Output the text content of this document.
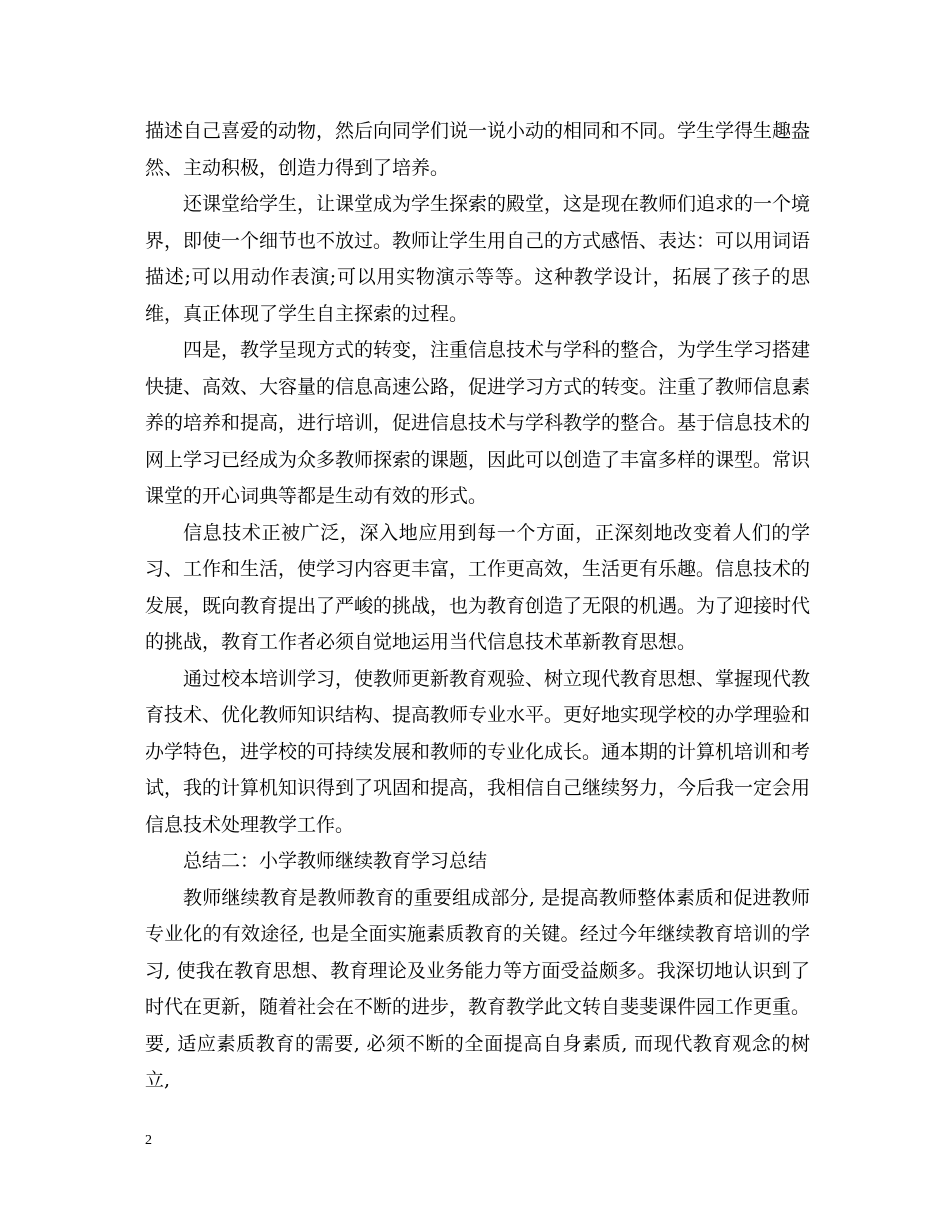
描述自己喜爱的动物，然后向同学们说一说小动的相同和不同。学生学得生趣盎然、主动积极，创造力得到了培养。

还课堂给学生，让课堂成为学生探索的殿堂，这是现在教师们追求的一个境界，即使一个细节也不放过。教师让学生用自己的方式感悟、表达：可以用词语描述;可以用动作表演;可以用实物演示等等。这种教学设计，拓展了孩子的思维，真正体现了学生自主探索的过程。

四是，教学呈现方式的转变，注重信息技术与学科的整合，为学生学习搭建快捷、高效、大容量的信息高速公路，促进学习方式的转变。注重了教师信息素养的培养和提高，进行培训，促进信息技术与学科教学的整合。基于信息技术的网上学习已经成为众多教师探索的课题，因此可以创造了丰富多样的课型。常识课堂的开心词典等都是生动有效的形式。

信息技术正被广泛，深入地应用到每一个方面，正深刻地改变着人们的学习、工作和生活，使学习内容更丰富，工作更高效，生活更有乐趣。信息技术的发展，既向教育提出了严峻的挑战，也为教育创造了无限的机遇。为了迎接时代的挑战，教育工作者必须自觉地运用当代信息技术革新教育思想。

通过校本培训学习，使教师更新教育观验、树立现代教育思想、掌握现代教育技术、优化教师知识结构、提高教师专业水平。更好地实现学校的办学理验和办学特色，进学校的可持续发展和教师的专业化成长。通本期的计算机培训和考试，我的计算机知识得到了巩固和提高，我相信自己继续努力，今后我一定会用信息技术处理教学工作。

总结二：小学教师继续教育学习总结

教师继续教育是教师教育的重要组成部分, 是提高教师整体素质和促进教师专业化的有效途径, 也是全面实施素质教育的关键。经过今年继续教育培训的学习, 使我在教育思想、教育理论及业务能力等方面受益颇多。我深切地认识到了时代在更新，随着社会在不断的进步，教育教学此文转自斐斐课件园工作更重。要, 适应素质教育的需要, 必须不断的全面提高自身素质, 而现代教育观念的树立,

2
